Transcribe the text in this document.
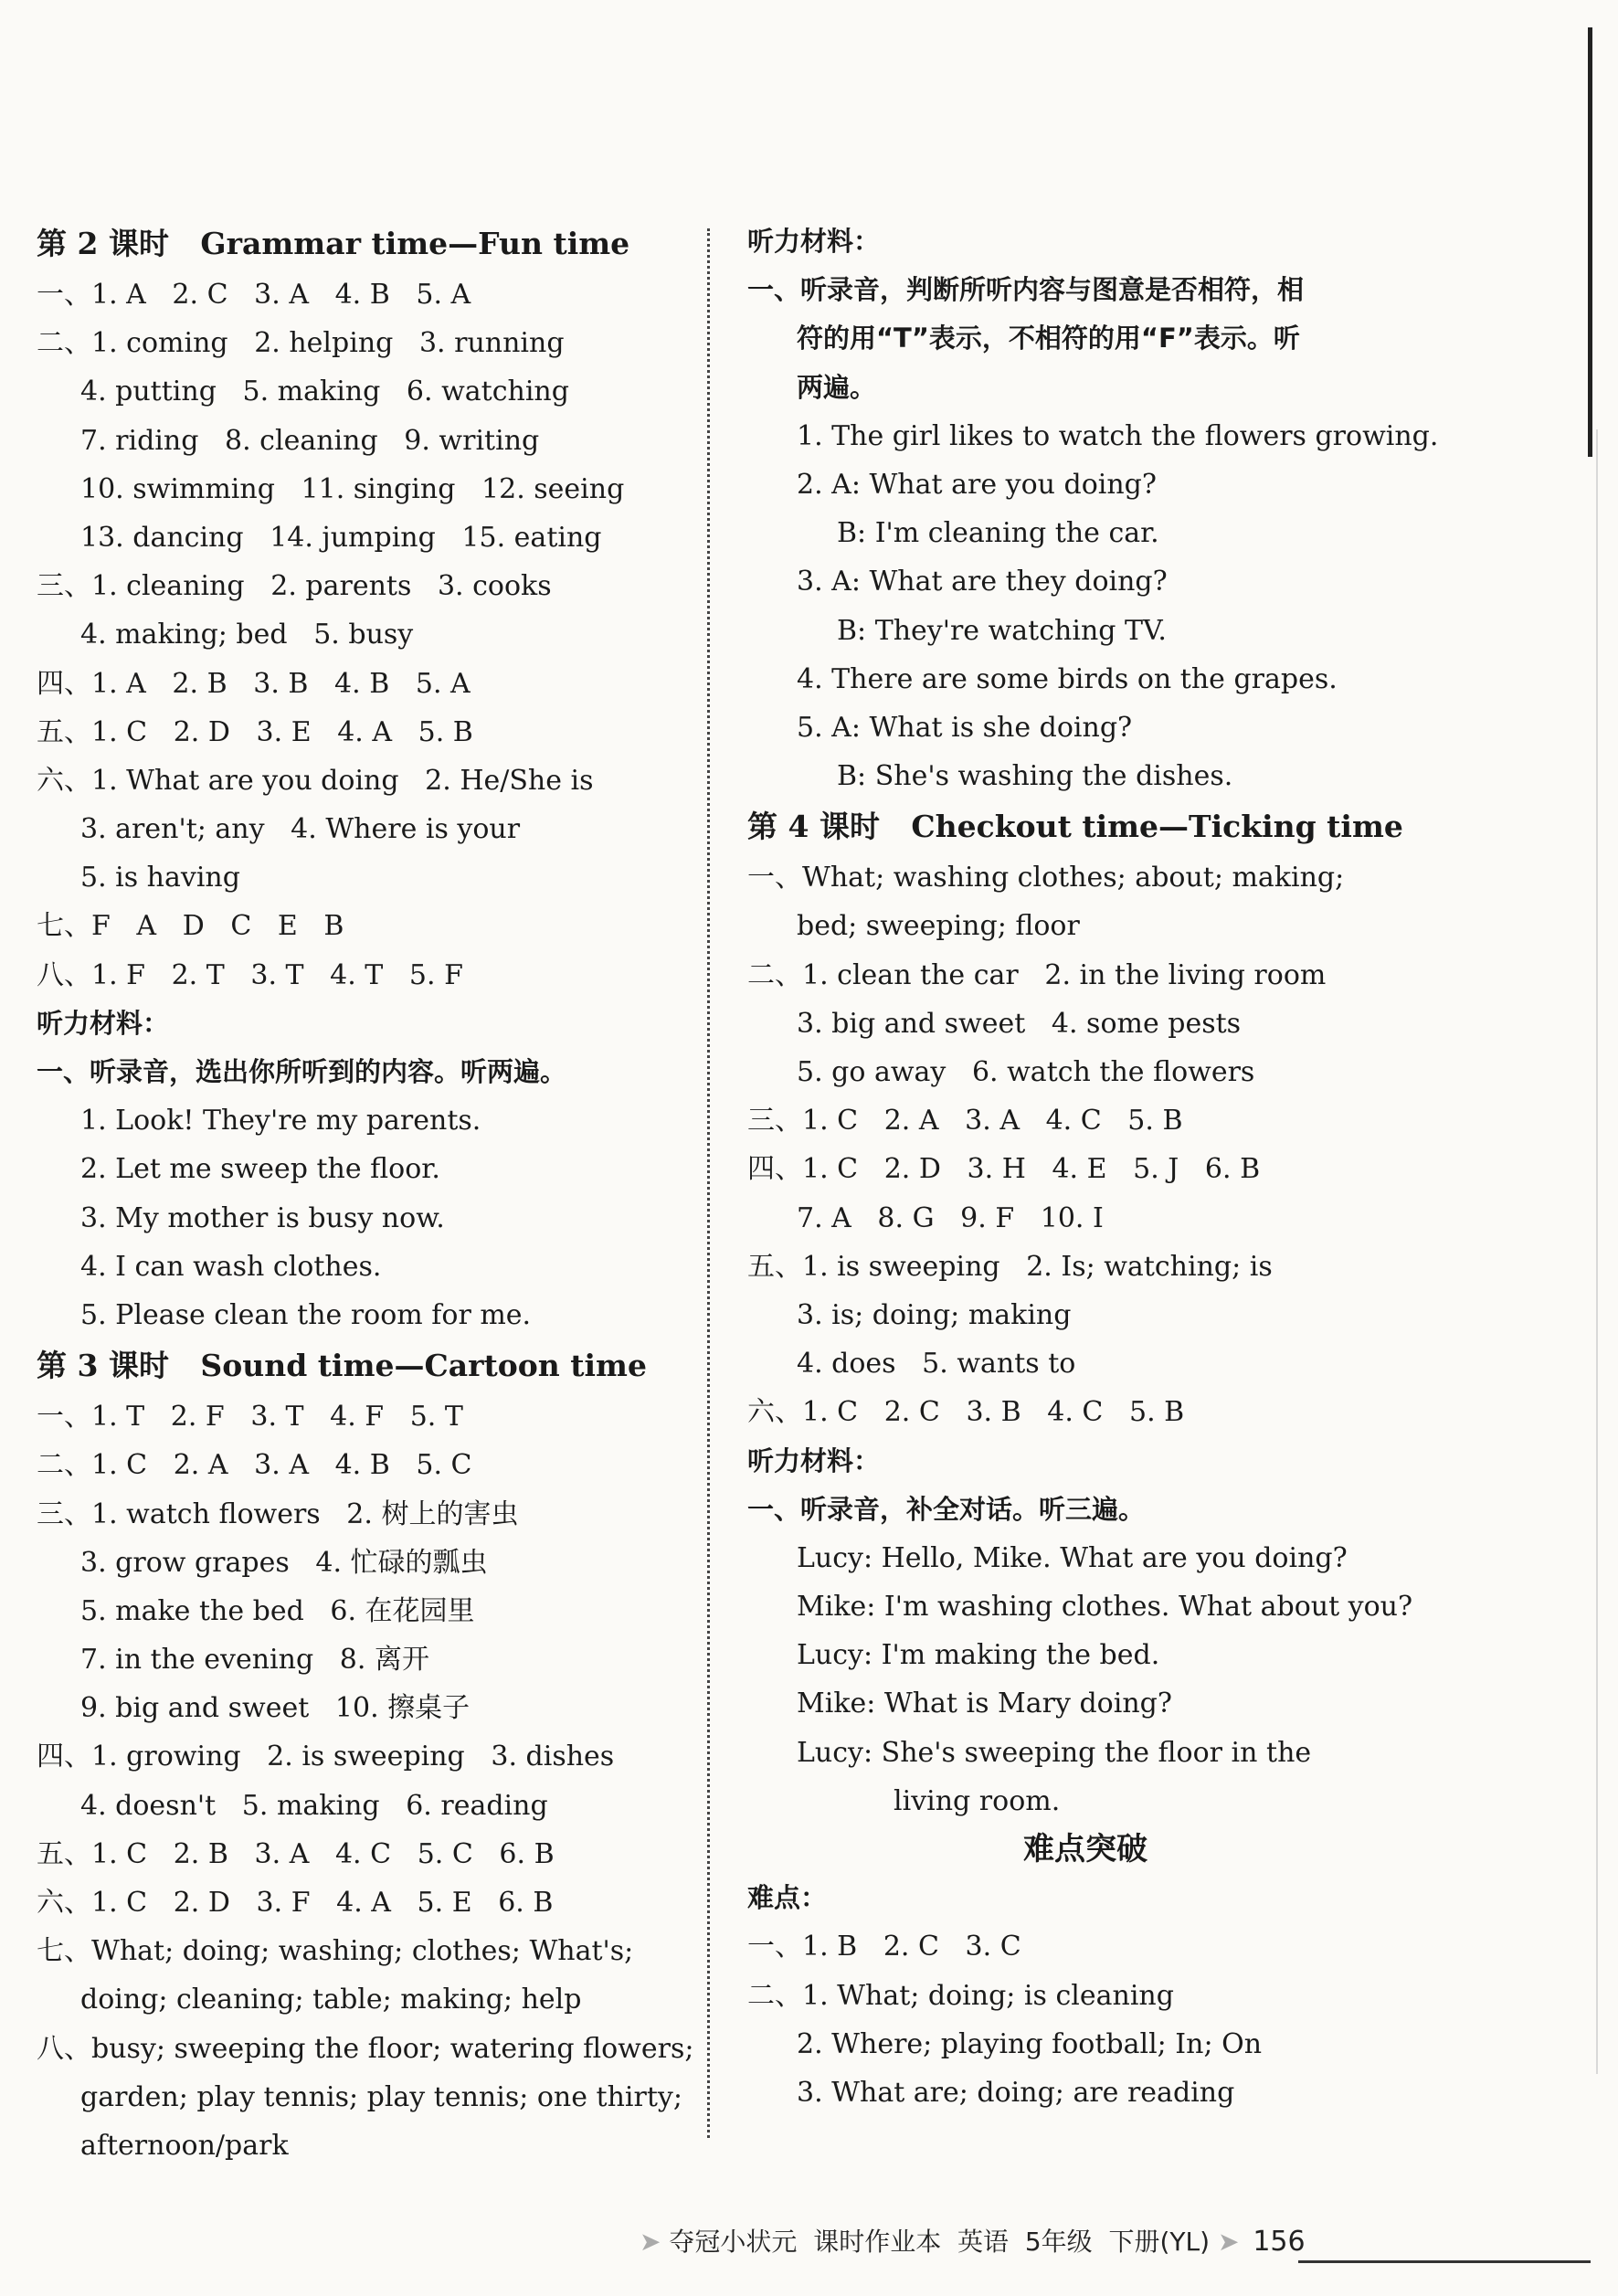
第 2 课时   Grammar time—Fun time
一、1. A   2. C   3. A   4. B   5. A
二、1. coming   2. helping   3. running
4. putting   5. making   6. watching
7. riding   8. cleaning   9. writing
10. swimming   11. singing   12. seeing
13. dancing   14. jumping   15. eating
三、1. cleaning   2. parents   3. cooks
4. making; bed   5. busy
四、1. A   2. B   3. B   4. B   5. A
五、1. C   2. D   3. E   4. A   5. B
六、1. What are you doing   2. He/She is
3. aren't; any   4. Where is your
5. is having
七、F   A   D   C   E   B
八、1. F   2. T   3. T   4. T   5. F
听力材料：
一、听录音，选出你所听到的内容。听两遍。
1. Look! They're my parents.
2. Let me sweep the floor.
3. My mother is busy now.
4. I can wash clothes.
5. Please clean the room for me.
第 3 课时   Sound time—Cartoon time
一、1. T   2. F   3. T   4. F   5. T
二、1. C   2. A   3. A   4. B   5. C
三、1. watch flowers   2. 树上的害虫
3. grow grapes   4. 忙碌的瓢虫
5. make the bed   6. 在花园里
7. in the evening   8. 离开
9. big and sweet   10. 擦桌子
四、1. growing   2. is sweeping   3. dishes
4. doesn't   5. making   6. reading
五、1. C   2. B   3. A   4. C   5. C   6. B
六、1. C   2. D   3. F   4. A   5. E   6. B
七、What; doing; washing; clothes; What's;
doing; cleaning; table; making; help
八、busy; sweeping the floor; watering flowers;
garden; play tennis; play tennis; one thirty;
afternoon/park
听力材料：
一、听录音，判断所听内容与图意是否相符，相
符的用“T”表示，不相符的用“F”表示。听
两遍。
1. The girl likes to watch the flowers growing.
2. A: What are you doing?
B: I'm cleaning the car.
3. A: What are they doing?
B: They're watching TV.
4. There are some birds on the grapes.
5. A: What is she doing?
B: She's washing the dishes.
第 4 课时   Checkout time—Ticking time
一、What; washing clothes; about; making;
bed; sweeping; floor
二、1. clean the car   2. in the living room
3. big and sweet   4. some pests
5. go away   6. watch the flowers
三、1. C   2. A   3. A   4. C   5. B
四、1. C   2. D   3. H   4. E   5. J   6. B
7. A   8. G   9. F   10. I
五、1. is sweeping   2. Is; watching; is
3. is; doing; making
4. does   5. wants to
六、1. C   2. C   3. B   4. C   5. B
听力材料：
一、听录音，补全对话。听三遍。
Lucy: Hello, Mike. What are you doing?
Mike: I'm washing clothes. What about you?
Lucy: I'm making the bed.
Mike: What is Mary doing?
Lucy: She's sweeping the floor in the
living room.
难点突破
难点：
一、1. B   2. C   3. C
二、1. What; doing; is cleaning
2. Where; playing football; In; On
3. What are; doing; are reading
➤ 夺冠小状元 课时作业本 英语 5年级 下册(YL) ➤ 156
